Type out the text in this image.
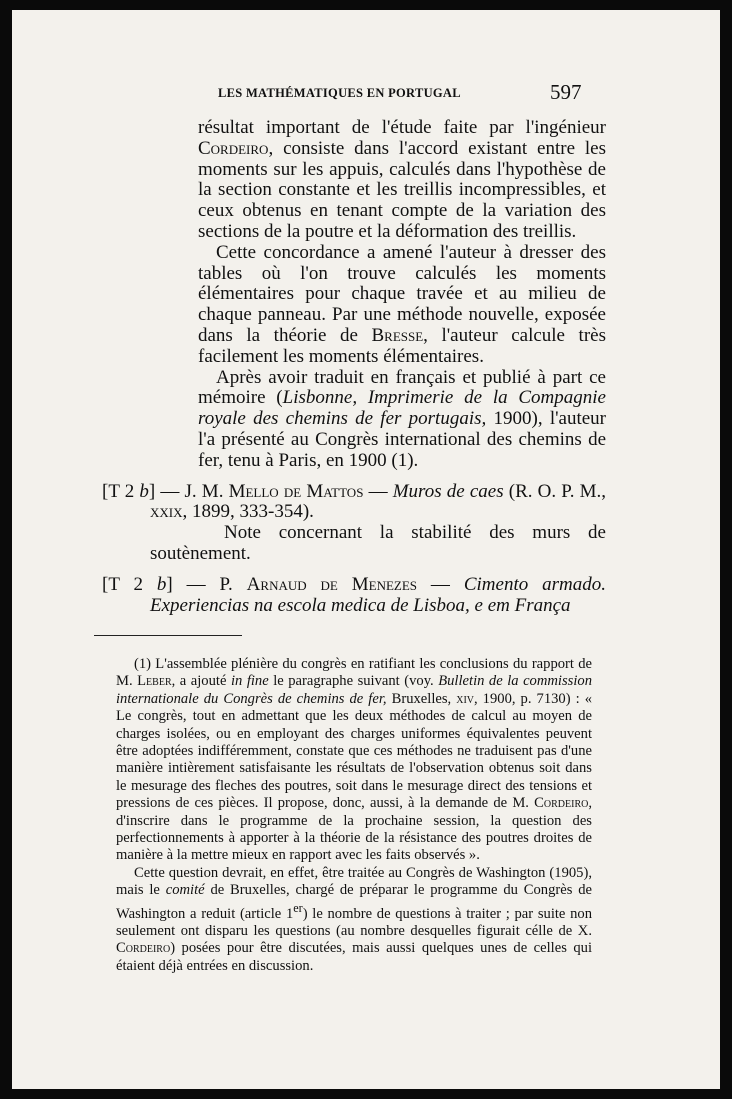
LES MATHÉMATIQUES EN PORTUGAL	597

résultat important de l'étude faite par l'ingénieur Cordeiro, consiste dans l'accord existant entre les moments sur les appuis, calculés dans l'hypothèse de la section constante et les treillis incompressibles, et ceux obtenus en tenant compte de la variation des sections de la poutre et la déformation des treillis.

Cette concordance a amené l'auteur à dresser des tables où l'on trouve calculés les moments élémentaires pour chaque travée et au milieu de chaque panneau. Par une méthode nouvelle, exposée dans la théorie de Bresse, l'auteur calcule très facilement les moments élémentaires.

Après avoir traduit en français et publié à part ce mémoire (Lisbonne, Imprimerie de la Compagnie royale des chemins de fer portugais, 1900), l'auteur l'a présenté au Congrès international des chemins de fer, tenu à Paris, en 1900 (1).

[T 2 b] — J. M. Mello de Mattos — Muros de caes (R. O. P. M., xxix, 1899, 333-354).

Note concernant la stabilité des murs de soutènement.

[T 2 b] — P. Arnaud de Menezes — Cimento armado. Experiencias na escola medica de Lisboa, e em França

(1) L'assemblée plénière du congrès en ratifiant les conclusions du rapport de M. Leber, a ajouté in fine le paragraphe suivant (voy. Bulletin de la commission internationale du Congrès de chemins de fer, Bruxelles, xiv, 1900, p. 7130) : « Le congrès, tout en admettant que les deux méthodes de calcul au moyen de charges isolées, ou en employant des charges uniformes équivalentes peuvent être adoptées indifféremment, constate que ces méthodes ne traduisent pas d'une manière intièrement satisfaisante les résultats de l'observation obtenus soit dans le mesurage des fleches des poutres, soit dans le mesurage direct des tensions et pressions de ces pièces. Il propose, donc, aussi, à la demande de M. Cordeiro, d'inscrire dans le programme de la prochaine session, la question des perfectionnements à apporter à la théorie de la résistance des poutres droites de manière à la mettre mieux en rapport avec les faits observés ».

Cette question devrait, en effet, être traitée au Congrès de Washington (1905), mais le comité de Bruxelles, chargé de préparar le programme du Congrès de Washington a reduit (article 1er) le nombre de questions à traiter ; par suite non seulement ont disparu les questions (au nombre desquelles figurait célle de X. Cordeiro) posées pour être discutées, mais aussi quelques unes de celles qui étaient déjà entrées en discussion.
